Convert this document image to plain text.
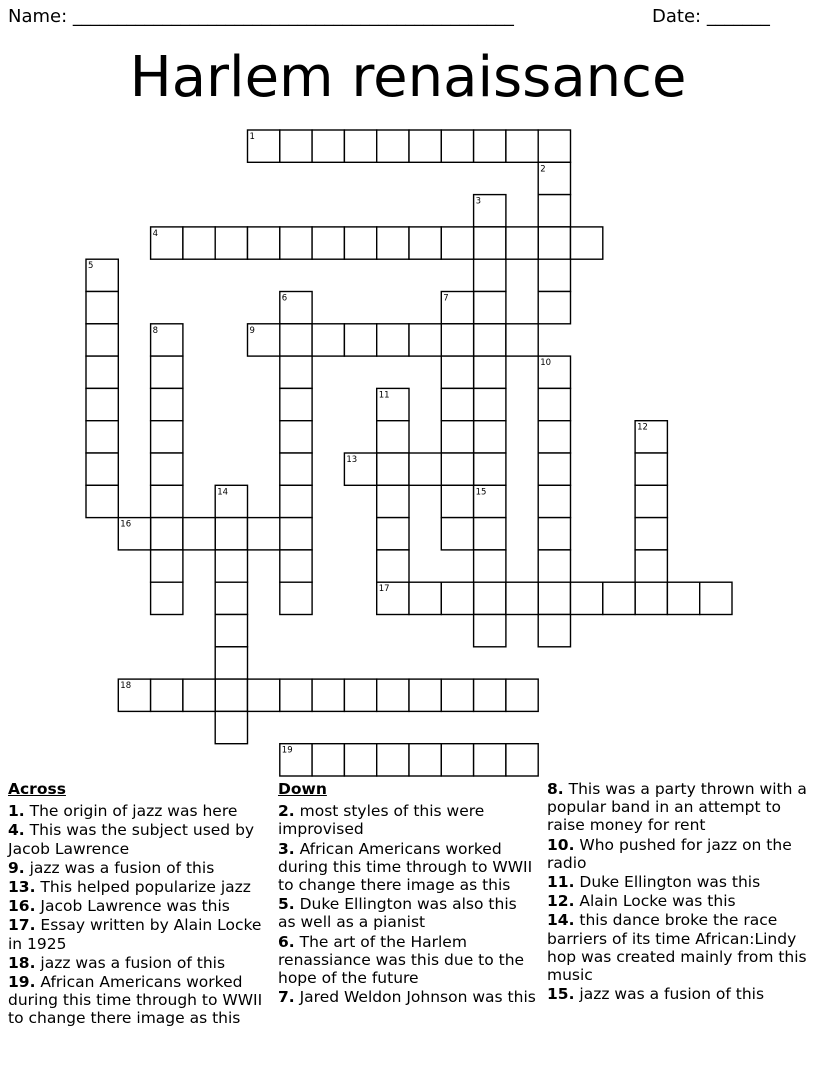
Name: _________________________________________________	Date: _______
Harlem renaissance
1
2
3
4
5
6	7
8	9
10
11
12
13
14	15
16
17
18
19
Across
1. The origin of jazz was here
4. This was the subject used by Jacob Lawrence
9. jazz was a fusion of this
13. This helped popularize jazz
16. Jacob Lawrence was this
17. Essay written by Alain Locke in 1925
18. jazz was a fusion of this
19. African Americans worked during this time through to WWII to change there image as this
Down
2. most styles of this were improvised
3. African Americans worked during this time through to WWII to change there image as this
5. Duke Ellington was also this as well as a pianist
6. The art of the Harlem renassiance was this due to the hope of the future
7. Jared Weldon Johnson was this
8. This was a party thrown with a popular band in an attempt to raise money for rent
10. Who pushed for jazz on the radio
11. Duke Ellington was this
12. Alain Locke was this
14. this dance broke the race barriers of its time African:Lindy hop was created mainly from this music
15. jazz was a fusion of this
